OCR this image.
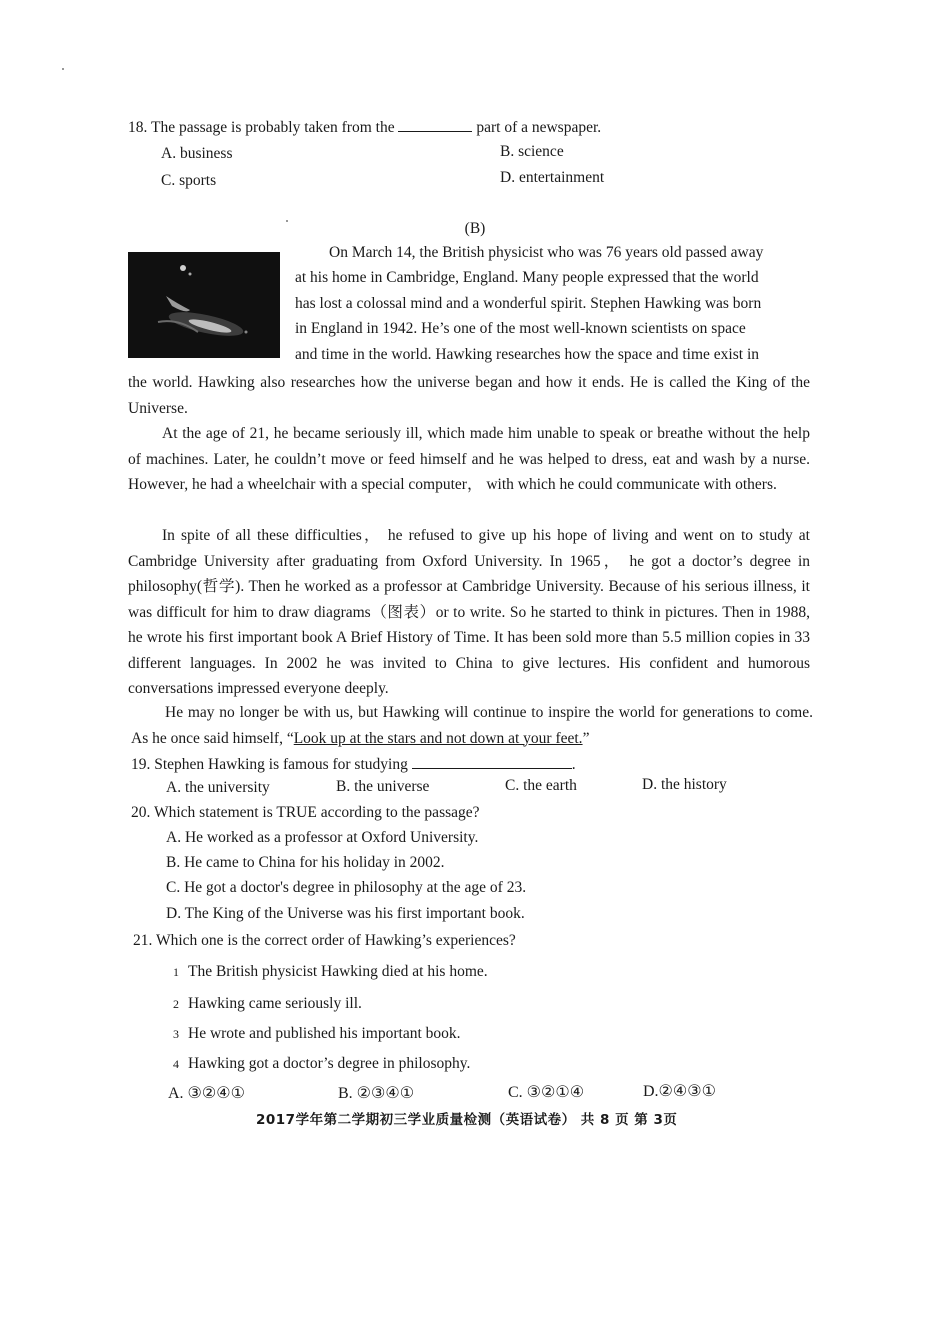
18. The passage is probably taken from the	part of a newspaper.
A. business	B. science
C. sports	D. entertainment
(B)
On March 14, the British physicist who was 76 years old passed away
at his home in Cambridge, England. Many people expressed that the world
has lost a colossal mind and a wonderful spirit. Stephen Hawking was born
in England in 1942. He’s one of the most well-known scientists on space
and time in the world. Hawking researches how the space and time exist in
the world. Hawking also researches how the universe began and how it ends. He is called the King of the Universe.
At the age of 21, he became seriously ill, which made him unable to speak or breathe without the help of machines. Later, he couldn’t move or feed himself and he was helped to dress, eat and wash by a nurse. However, he had a wheelchair with a special computer， with which he could communicate with others.
In spite of all these difficulties， he refused to give up his hope of living and went on to study at Cambridge University after graduating from Oxford University. In 1965， he got a doctor’s degree in philosophy(哲学). Then he worked as a professor at Cambridge University. Because of his serious illness, it was difficult for him to draw diagrams（图表）or to write. So he started to think in pictures. Then in 1988, he wrote his first important book A Brief History of Time. It has been sold more than 5.5 million copies in 33 different languages. In 2002 he was invited to China to give lectures. His confident and humorous conversations impressed everyone deeply.
He may no longer be with us, but Hawking will continue to inspire the world for generations to come. As he once said himself, “Look up at the stars and not down at your feet.”
19. Stephen Hawking is famous for studying	.
A. the university	B. the universe	C. the earth	D. the history
20. Which statement is TRUE according to the passage?
A. He worked as a professor at Oxford University.
B. He came to China for his holiday in 2002.
C. He got a doctor's degree in philosophy at the age of 23.
D. The King of the Universe was his first important book.
21. Which one is the correct order of Hawking’s experiences?
1 The British physicist Hawking died at his home.
2 Hawking came seriously ill.
3 He wrote and published his important book.
4 Hawking got a doctor’s degree in philosophy.
A. ③②④①	B. ②③④①	C. ③②①④	D.②④③①
2017学年第二学期初三学业质量检测（英语试卷） 共 8 页 第 3页
